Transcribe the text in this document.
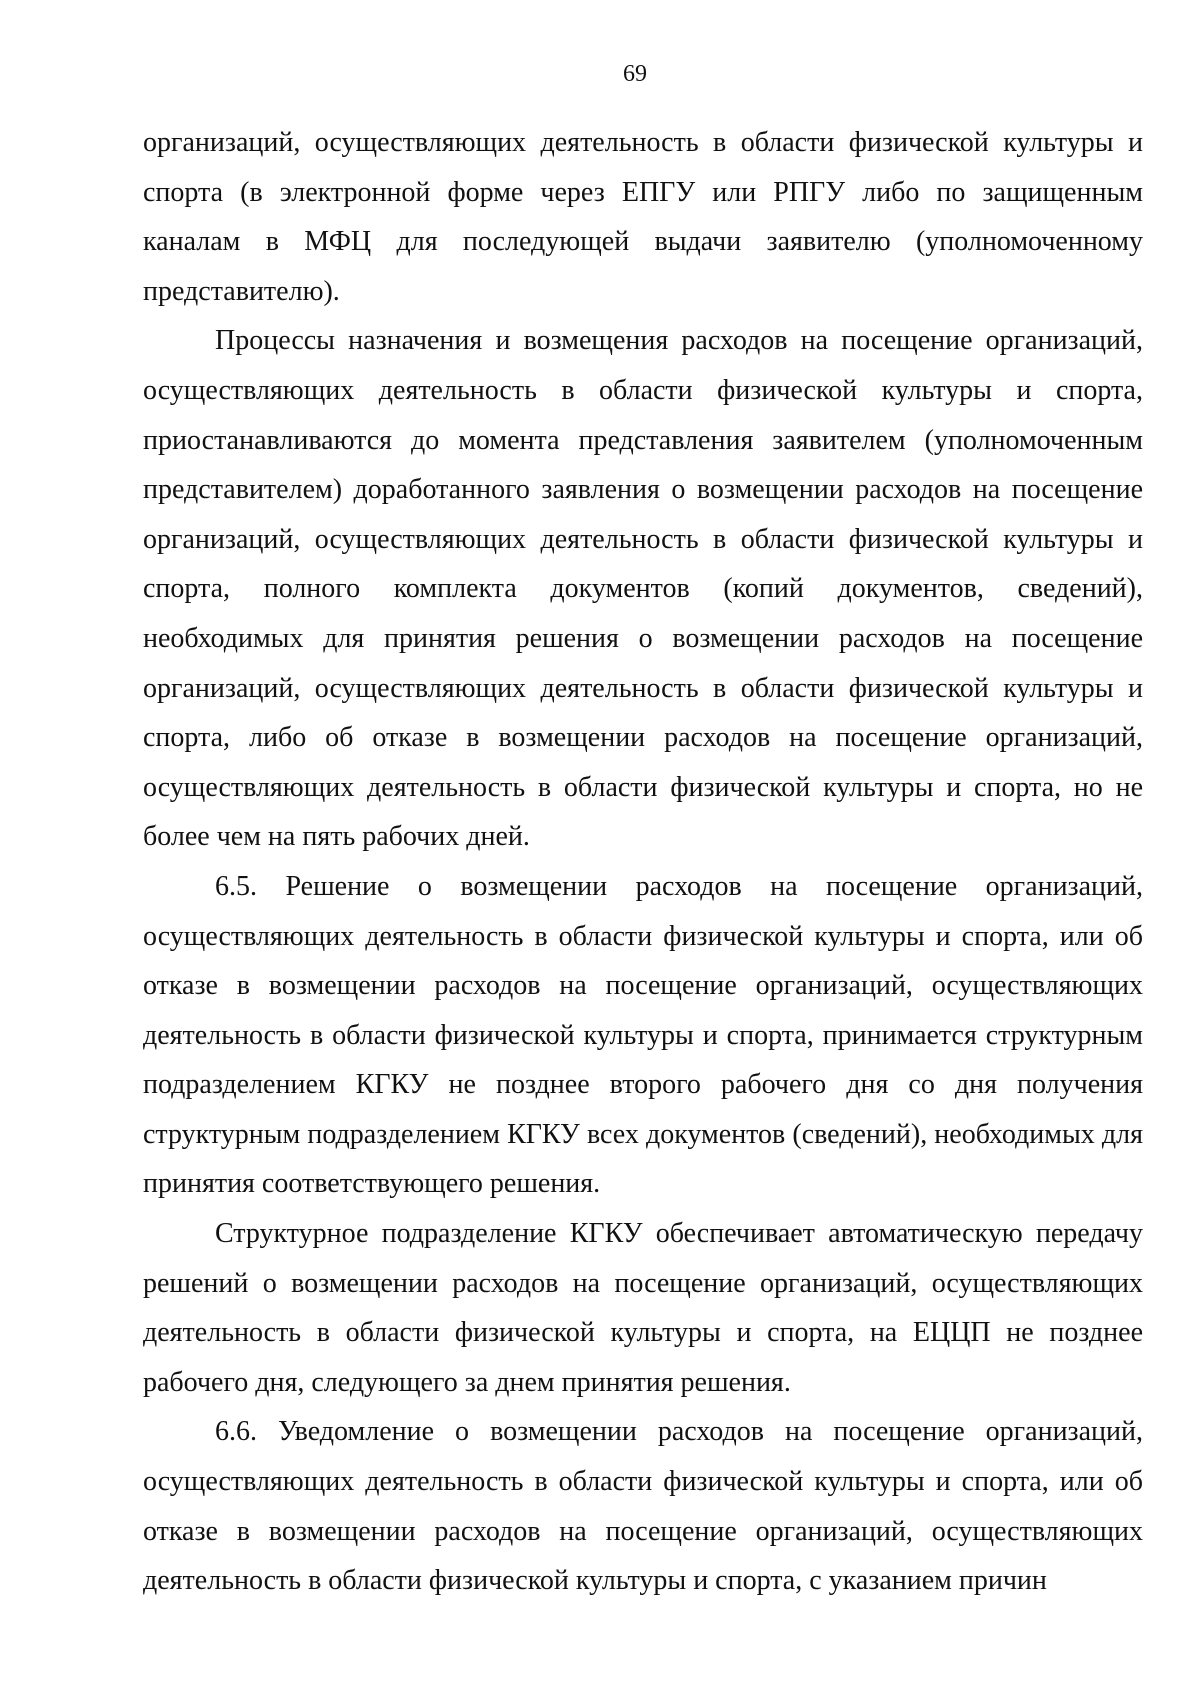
69

организаций, осуществляющих деятельность в области физической культуры и спорта (в электронной форме через ЕПГУ или РПГУ либо по защищенным каналам в МФЦ для последующей выдачи заявителю (уполномоченному представителю).

Процессы назначения и возмещения расходов на посещение организаций, осуществляющих деятельность в области физической культуры и спорта, приостанавливаются до момента представления заявителем (уполномоченным представителем) доработанного заявления о возмещении расходов на посещение организаций, осуществляющих деятельность в области физической культуры и спорта, полного комплекта документов (копий документов, сведений), необходимых для принятия решения о возмещении расходов на посещение организаций, осуществляющих деятельность в области физической культуры и спорта, либо об отказе в возмещении расходов на посещение организаций, осуществляющих деятельность в области физической культуры и спорта, но не более чем на пять рабочих дней.

6.5. Решение о возмещении расходов на посещение организаций, осуществляющих деятельность в области физической культуры и спорта, или об отказе в возмещении расходов на посещение организаций, осуществляющих деятельность в области физической культуры и спорта, принимается структурным подразделением КГКУ не позднее второго рабочего дня со дня получения структурным подразделением КГКУ всех документов (сведений), необходимых для принятия соответствующего решения.

Структурное подразделение КГКУ обеспечивает автоматическую передачу решений о возмещении расходов на посещение организаций, осуществляющих деятельность в области физической культуры и спорта, на ЕЦЦП не позднее рабочего дня, следующего за днем принятия решения.

6.6. Уведомление о возмещении расходов на посещение организаций, осуществляющих деятельность в области физической культуры и спорта, или об отказе в возмещении расходов на посещение организаций, осуществляющих деятельность в области физической культуры и спорта, с указанием причин
